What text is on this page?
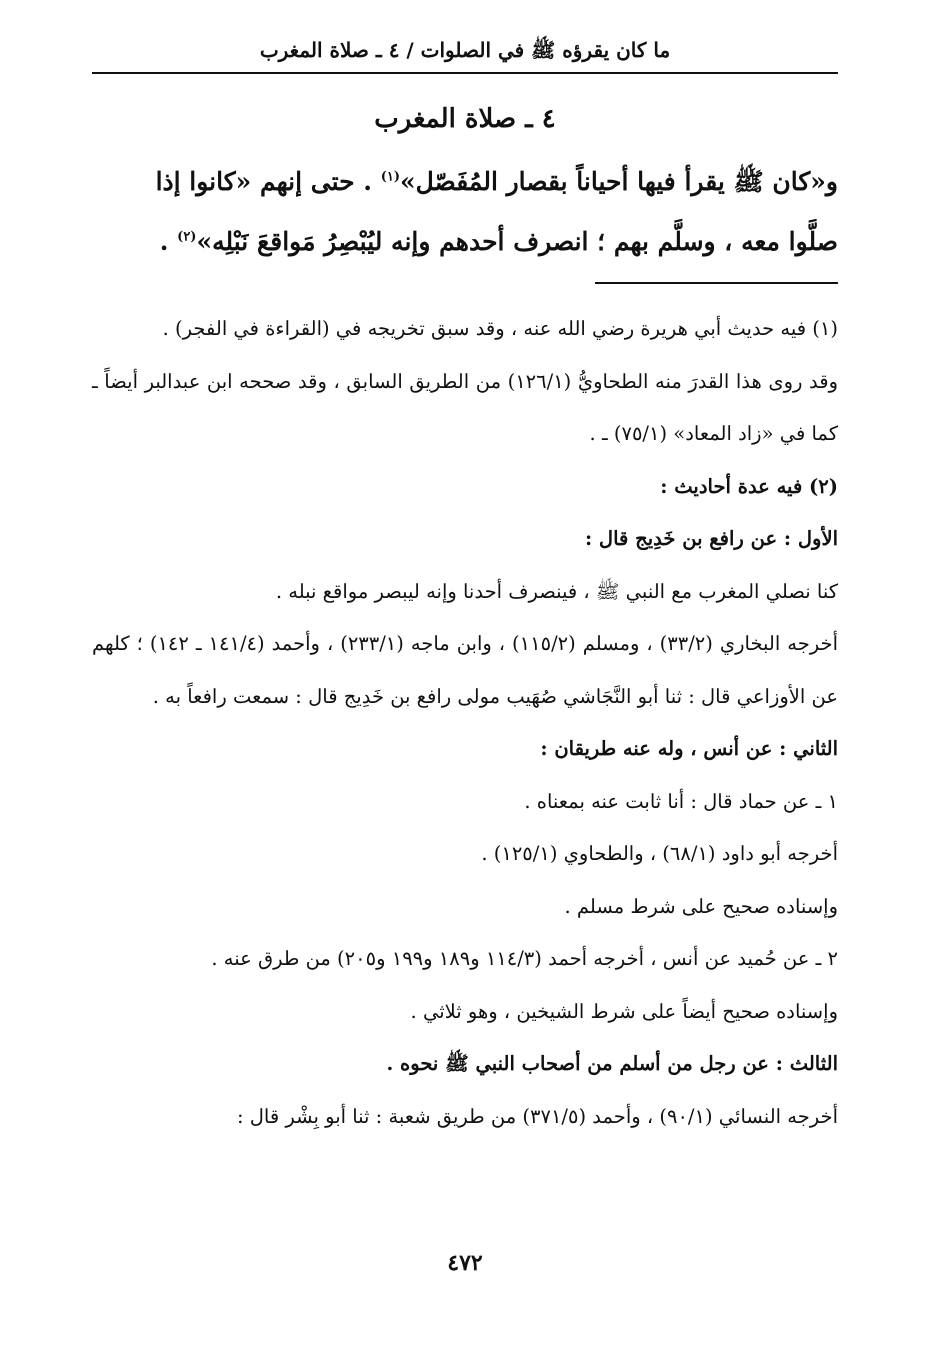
ما كان يقرؤه ﷺ في الصلوات / ٤ ـ صلاة المغرب
٤ ـ صلاة المغرب

و«كان ﷺ يقرأ فيها أحياناً بقصار المُفَصّل»$^{(١)}$ . حتى إنهم «كانوا إذا

صلَّوا معه ، وسلَّم بهم ؛ انصرف أحدهم وإنه ليُبْصِرُ مَواقعَ نَبْلِه»$^{(٢)}$ .

(١) فيه حديث أبي هريرة رضي الله عنه ، وقد سبق تخريجه في (القراءة في الفجر) .

وقد روى هذا القدرَ منه الطحاويُّ (١٢٦/١) من الطريق السابق ، وقد صححه ابن عبدالبر أيضاً ـ كما في «زاد المعاد» (٧٥/١) ـ .

(٢) فيه عدة أحاديث :

الأول : عن رافع بن خَدِيج قال :

كنا نصلي المغرب مع النبي ﷺ ، فينصرف أحدنا وإنه ليبصر مواقع نبله .

أخرجه البخاري (٣٣/٢) ، ومسلم (١١٥/٢) ، وابن ماجه (٢٣٣/١) ، وأحمد (١٤١/٤ ـ ١٤٢) ؛ كلهم عن الأوزاعي قال : ثنا أبو النَّجَاشي صُهَيب مولى رافع بن خَدِيج قال : سمعت رافعاً به .

الثاني : عن أنس ، وله عنه طريقان :

١ ـ عن حماد قال : أنا ثابت عنه بمعناه .

أخرجه أبو داود (٦٨/١) ، والطحاوي (١٢٥/١) .

وإسناده صحيح على شرط مسلم .

٢ ـ عن حُميد عن أنس ، أخرجه أحمد (١١٤/٣ و١٨٩ و١٩٩ و٢٠٥) من طرق عنه .

وإسناده صحيح أيضاً على شرط الشيخين ، وهو ثلاثي .

الثالث : عن رجل من أسلم من أصحاب النبي ﷺ نحوه .

أخرجه النسائي (٩٠/١) ، وأحمد (٣٧١/٥) من طريق شعبة : ثنا أبو بِشْر قال :

٤٧٢
